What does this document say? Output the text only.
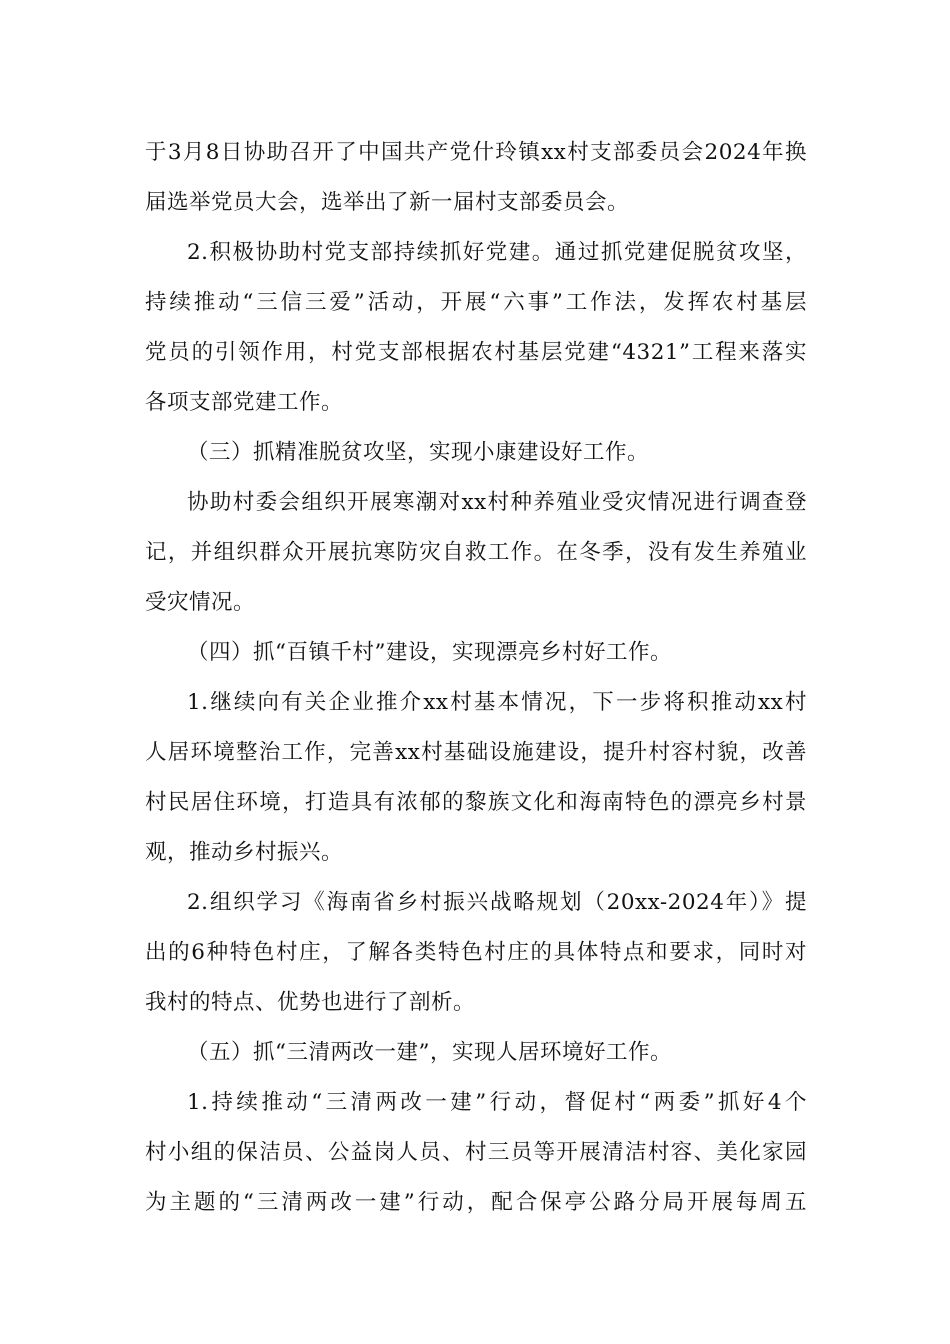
于3月8日协助召开了中国共产党什玲镇xx村支部委员会2024年换
届选举党员大会，选举出了新一届村支部委员会。
2.积极协助村党支部持续抓好党建。通过抓党建促脱贫攻坚，
持续推动“三信三爱”活动，开展“六事”工作法，发挥农村基层
党员的引领作用，村党支部根据农村基层党建“4321”工程来落实
各项支部党建工作。
（三）抓精准脱贫攻坚，实现小康建设好工作。
协助村委会组织开展寒潮对xx村种养殖业受灾情况进行调查登
记，并组织群众开展抗寒防灾自救工作。在冬季，没有发生养殖业
受灾情况。
（四）抓“百镇千村”建设，实现漂亮乡村好工作。
1.继续向有关企业推介xx村基本情况，下一步将积推动xx村
人居环境整治工作，完善xx村基础设施建设，提升村容村貌，改善
村民居住环境，打造具有浓郁的黎族文化和海南特色的漂亮乡村景
观，推动乡村振兴。
2.组织学习《海南省乡村振兴战略规划（20xx-2024年）》提
出的6种特色村庄，了解各类特色村庄的具体特点和要求，同时对
我村的特点、优势也进行了剖析。
（五）抓“三清两改一建”，实现人居环境好工作。
1.持续推动“三清两改一建”行动，督促村“两委”抓好4个
村小组的保洁员、公益岗人员、村三员等开展清洁村容、美化家园
为主题的“三清两改一建”行动，配合保亭公路分局开展每周五
